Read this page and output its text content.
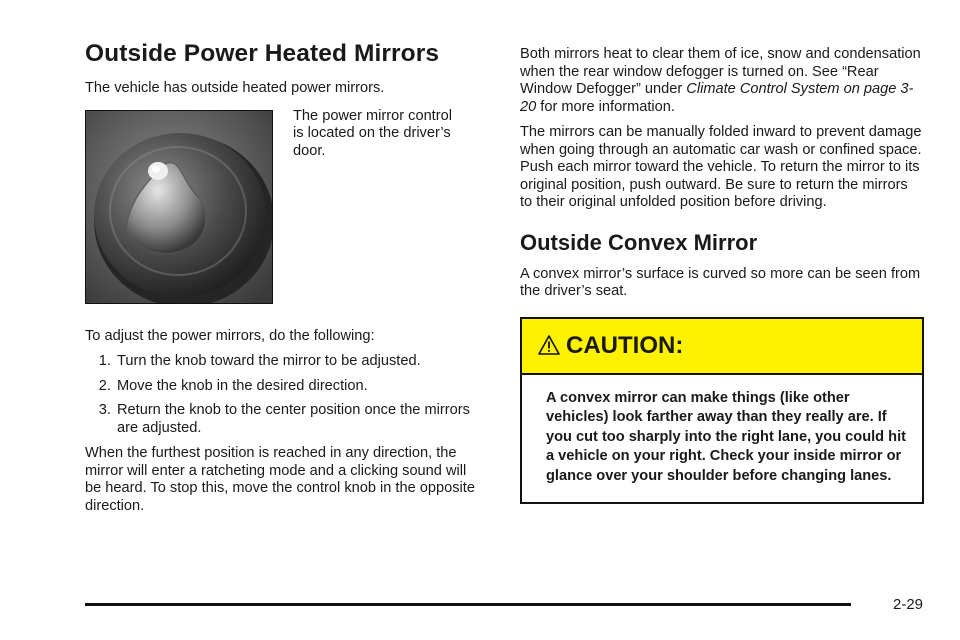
Outside Power Heated Mirrors

The vehicle has outside heated power mirrors.

The power mirror control is located on the driver’s door.

To adjust the power mirrors, do the following:

1. Turn the knob toward the mirror to be adjusted.
2. Move the knob in the desired direction.
3. Return the knob to the center position once the mirrors are adjusted.

When the furthest position is reached in any direction, the mirror will enter a ratcheting mode and a clicking sound will be heard. To stop this, move the control knob in the opposite direction.

Both mirrors heat to clear them of ice, snow and condensation when the rear window defogger is turned on. See “Rear Window Defogger” under Climate Control System on page 3-20 for more information.

The mirrors can be manually folded inward to prevent damage when going through an automatic car wash or confined space. Push each mirror toward the vehicle. To return the mirror to its original position, push outward. Be sure to return the mirrors to their original unfolded position before driving.

Outside Convex Mirror

A convex mirror’s surface is curved so more can be seen from the driver’s seat.

CAUTION:
A convex mirror can make things (like other vehicles) look farther away than they really are. If you cut too sharply into the right lane, you could hit a vehicle on your right. Check your inside mirror or glance over your shoulder before changing lanes.
2-29
